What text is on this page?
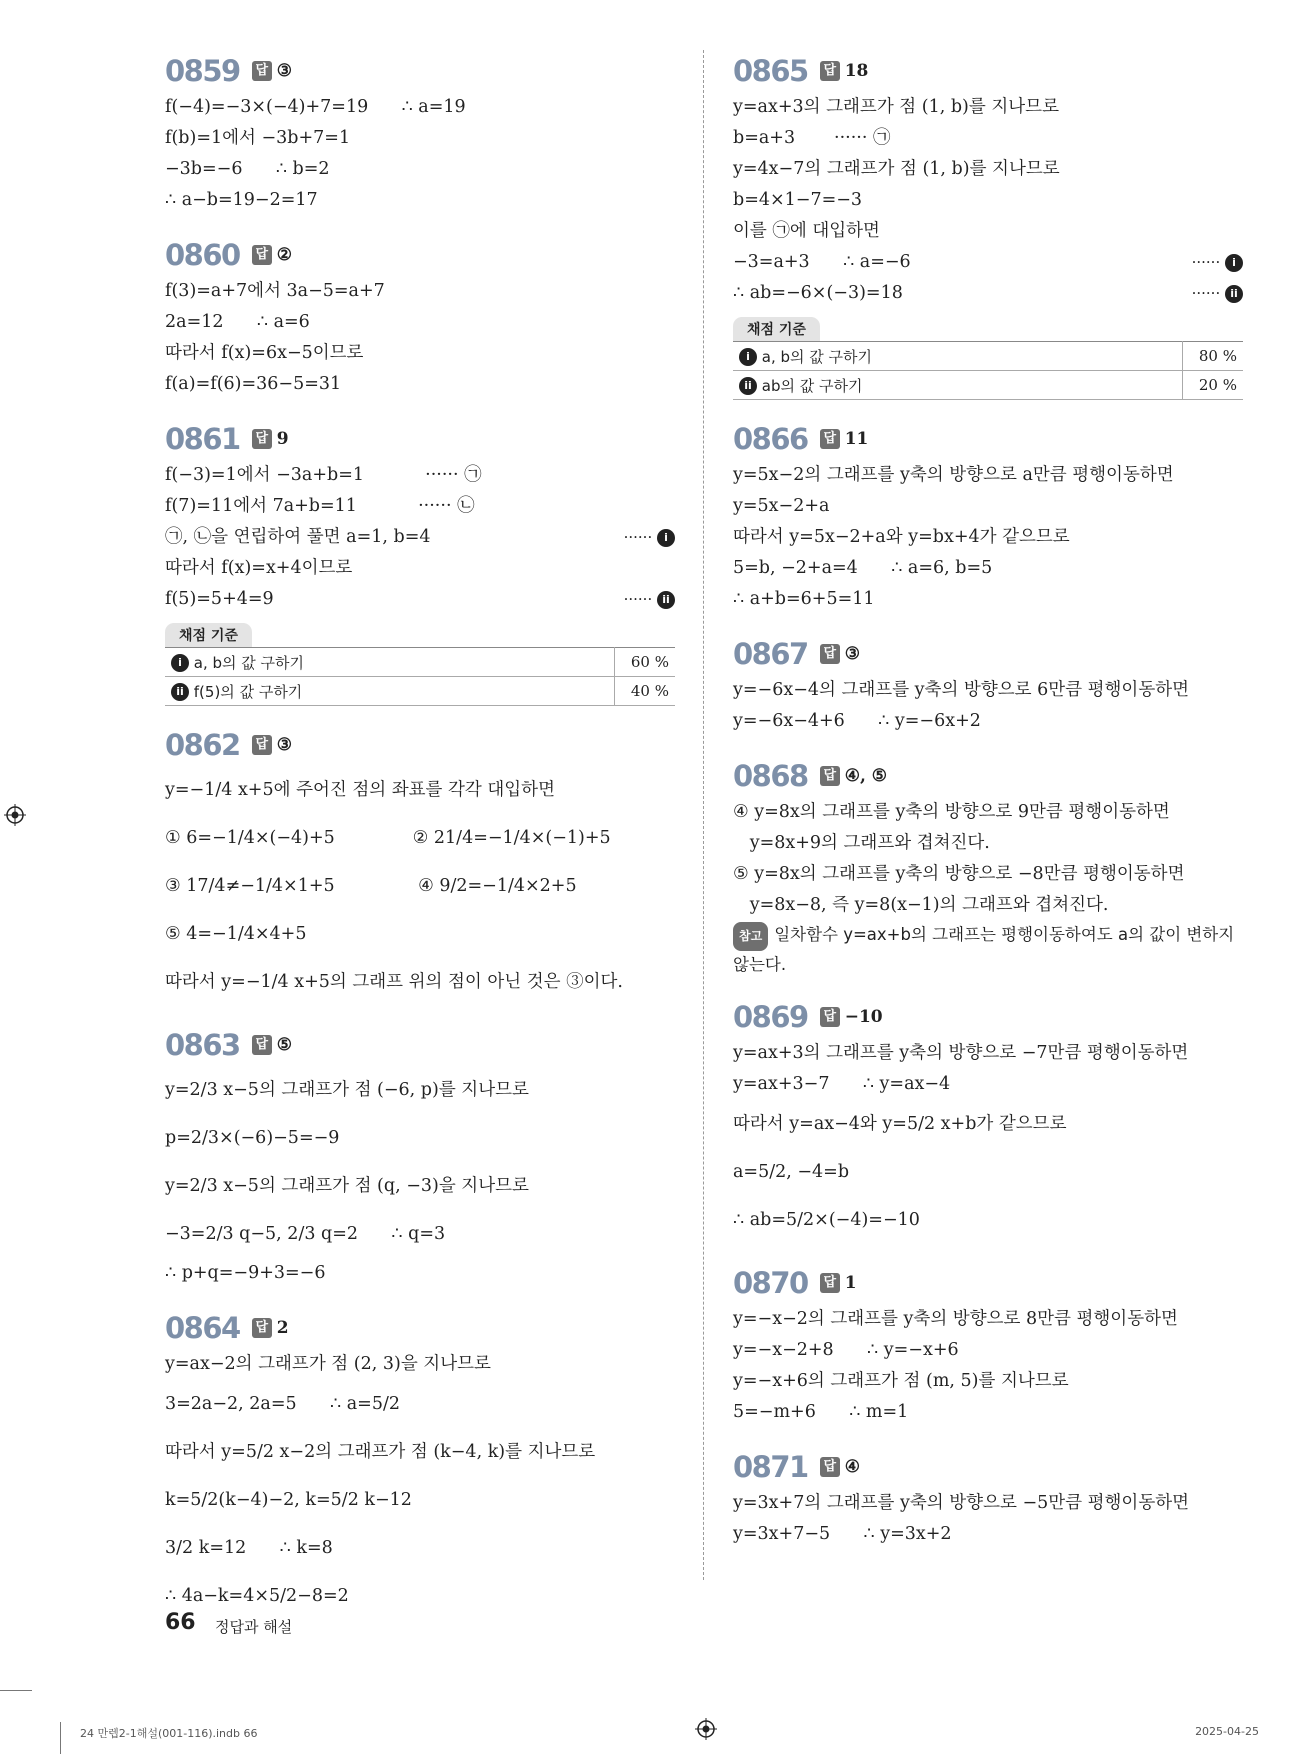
0859 답 ③
f(−4)=−3×(−4)+7=19      ∴ a=19
f(b)=1에서 −3b+7=1
−3b=−6      ∴ b=2
∴ a−b=19−2=17
0860 답 ②
f(3)=a+7에서 3a−5=a+7
2a=12      ∴ a=6
따라서 f(x)=6x−5이므로
f(a)=f(6)=36−5=31
0861 답 9
f(−3)=1에서 −3a+b=1           ······ ㉠
f(7)=11에서 7a+b=11           ······ ㉡
㉠, ㉡을 연립하여 풀면 a=1, b=4	······ i
따라서 f(x)=x+4이므로
f(5)=5+4=9	······ ii
채점 기준
i a, b의 값 구하기	60 %
ii f(5)의 값 구하기	40 %
0862 답 ③
y=−1/4 x+5에 주어진 점의 좌표를 각각 대입하면
① 6=−1/4×(−4)+5              ② 21/4=−1/4×(−1)+5
③ 17/4≠−1/4×1+5               ④ 9/2=−1/4×2+5
⑤ 4=−1/4×4+5
따라서 y=−1/4 x+5의 그래프 위의 점이 아닌 것은 ③이다.
0863 답 ⑤
y=2/3 x−5의 그래프가 점 (−6, p)를 지나므로
p=2/3×(−6)−5=−9
y=2/3 x−5의 그래프가 점 (q, −3)을 지나므로
−3=2/3 q−5, 2/3 q=2      ∴ q=3
∴ p+q=−9+3=−6
0864 답 2
y=ax−2의 그래프가 점 (2, 3)을 지나므로
3=2a−2, 2a=5      ∴ a=5/2
따라서 y=5/2 x−2의 그래프가 점 (k−4, k)를 지나므로
k=5/2(k−4)−2, k=5/2 k−12
3/2 k=12      ∴ k=8
∴ 4a−k=4×5/2−8=2
0865 답 18
y=ax+3의 그래프가 점 (1, b)를 지나므로
b=a+3       ······ ㉠
y=4x−7의 그래프가 점 (1, b)를 지나므로
b=4×1−7=−3
이를 ㉠에 대입하면
−3=a+3      ∴ a=−6	······ i
∴ ab=−6×(−3)=18	······ ii
채점 기준
i a, b의 값 구하기	80 %
ii ab의 값 구하기	20 %
0866 답 11
y=5x−2의 그래프를 y축의 방향으로 a만큼 평행이동하면
y=5x−2+a
따라서 y=5x−2+a와 y=bx+4가 같으므로
5=b, −2+a=4      ∴ a=6, b=5
∴ a+b=6+5=11
0867 답 ③
y=−6x−4의 그래프를 y축의 방향으로 6만큼 평행이동하면
y=−6x−4+6      ∴ y=−6x+2
0868 답 ④, ⑤
④ y=8x의 그래프를 y축의 방향으로 9만큼 평행이동하면
y=8x+9의 그래프와 겹쳐진다.
⑤ y=8x의 그래프를 y축의 방향으로 −8만큼 평행이동하면
y=8x−8, 즉 y=8(x−1)의 그래프와 겹쳐진다.
참고 일차함수 y=ax+b의 그래프는 평행이동하여도 a의 값이 변하지 않는다.
0869 답 −10
y=ax+3의 그래프를 y축의 방향으로 −7만큼 평행이동하면
y=ax+3−7      ∴ y=ax−4
따라서 y=ax−4와 y=5/2 x+b가 같으므로
a=5/2, −4=b
∴ ab=5/2×(−4)=−10
0870 답 1
y=−x−2의 그래프를 y축의 방향으로 8만큼 평행이동하면
y=−x−2+8      ∴ y=−x+6
y=−x+6의 그래프가 점 (m, 5)를 지나므로
5=−m+6      ∴ m=1
0871 답 ④
y=3x+7의 그래프를 y축의 방향으로 −5만큼 평행이동하면
y=3x+7−5      ∴ y=3x+2
66 정답과 해설
24 만렙2-1해설(001-116).indb 66	2025-04-25
